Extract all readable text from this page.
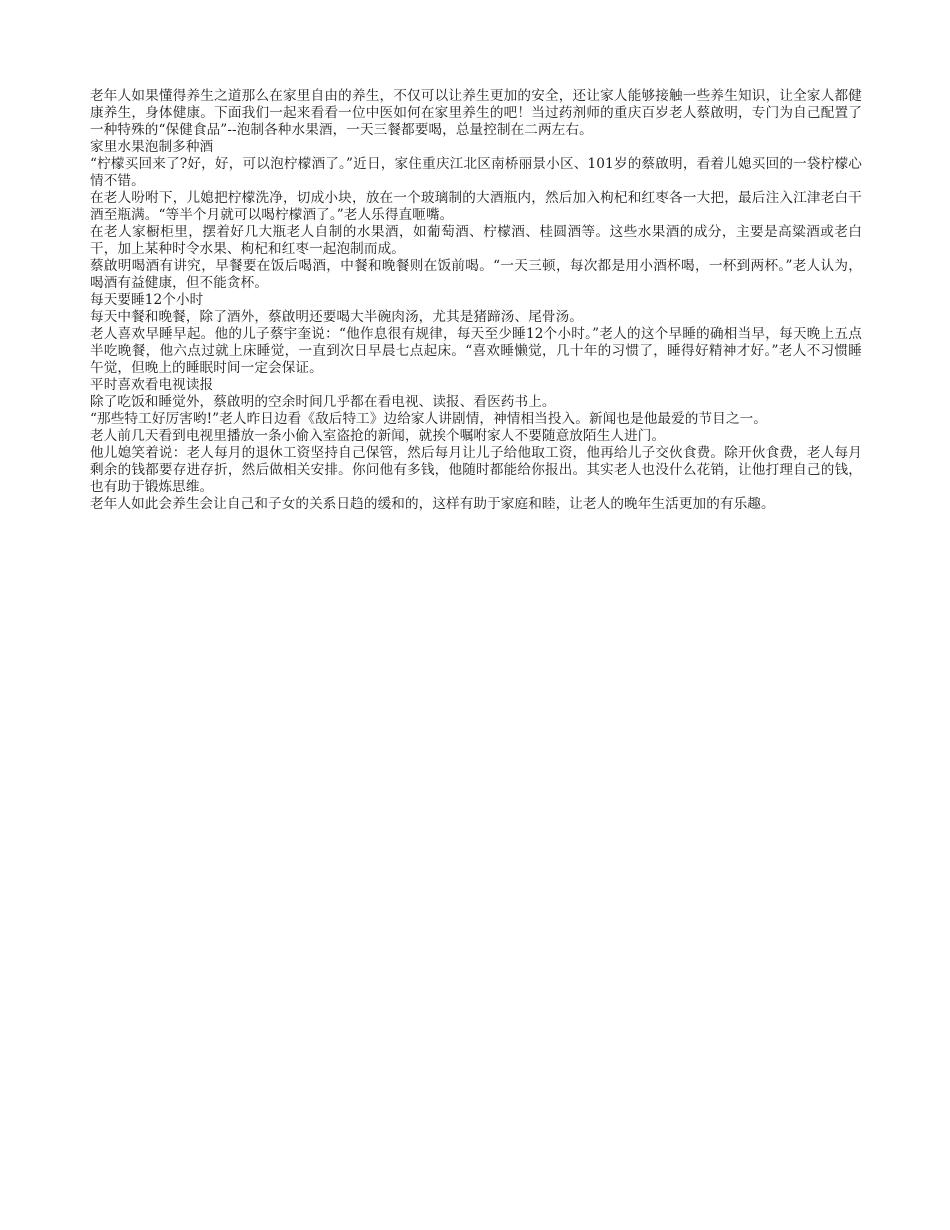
老年人如果懂得养生之道那么在家里自由的养生，不仅可以让养生更加的安全，还让家人能够接触一些养生知识，让全家人都健康养生，身体健康。下面我们一起来看看一位中医如何在家里养生的吧！当过药剂师的重庆百岁老人蔡啟明，专门为自己配置了一种特殊的“保健食品”--泡制各种水果酒，一天三餐都要喝，总量控制在二两左右。

家里水果泡制多种酒

“柠檬买回来了?好，好，可以泡柠檬酒了。”近日，家住重庆江北区南桥丽景小区、101岁的蔡啟明，看着儿媳买回的一袋柠檬心情不错。

在老人吩咐下，儿媳把柠檬洗净，切成小块，放在一个玻璃制的大酒瓶内，然后加入枸杞和红枣各一大把，最后注入江津老白干酒至瓶满。“等半个月就可以喝柠檬酒了。”老人乐得直咂嘴。

在老人家橱柜里，摆着好几大瓶老人自制的水果酒，如葡萄酒、柠檬酒、桂圆酒等。这些水果酒的成分，主要是高粱酒或老白干，加上某种时令水果、枸杞和红枣一起泡制而成。

蔡啟明喝酒有讲究，早餐要在饭后喝酒，中餐和晚餐则在饭前喝。“一天三顿，每次都是用小酒杯喝，一杯到两杯。”老人认为，喝酒有益健康，但不能贪杯。

每天要睡12个小时

每天中餐和晚餐，除了酒外，蔡啟明还要喝大半碗肉汤，尤其是猪蹄汤、尾骨汤。

老人喜欢早睡早起。他的儿子蔡宇奎说：“他作息很有规律，每天至少睡12个小时。”老人的这个早睡的确相当早，每天晚上五点半吃晚餐，他六点过就上床睡觉，一直到次日早晨七点起床。“喜欢睡懒觉，几十年的习惯了，睡得好精神才好。”老人不习惯睡午觉，但晚上的睡眠时间一定会保证。

平时喜欢看电视读报

除了吃饭和睡觉外，蔡啟明的空余时间几乎都在看电视、读报、看医药书上。

“那些特工好厉害哟!”老人昨日边看《敌后特工》边给家人讲剧情，神情相当投入。新闻也是他最爱的节目之一。

老人前几天看到电视里播放一条小偷入室盗抢的新闻，就挨个嘱咐家人不要随意放陌生人进门。

他儿媳笑着说：老人每月的退休工资坚持自己保管，然后每月让儿子给他取工资，他再给儿子交伙食费。除开伙食费，老人每月剩余的钱都要存进存折，然后做相关安排。你问他有多钱，他随时都能给你报出。其实老人也没什么花销，让他打理自己的钱，也有助于锻炼思维。

老年人如此会养生会让自己和子女的关系日趋的缓和的，这样有助于家庭和睦，让老人的晚年生活更加的有乐趣。
